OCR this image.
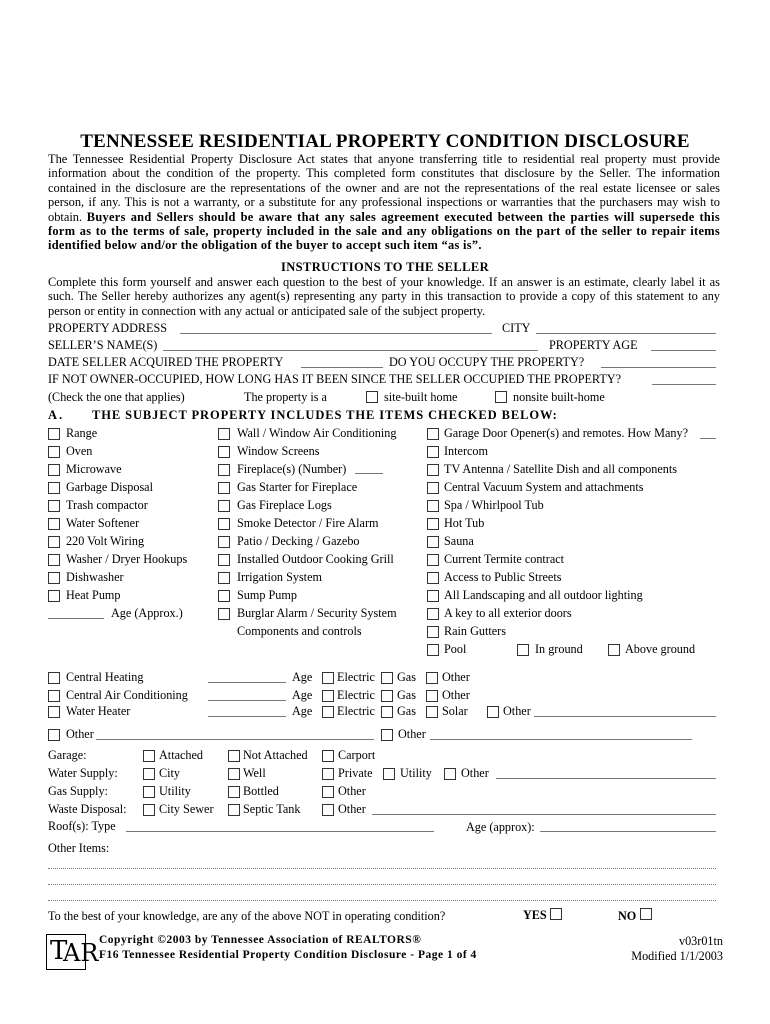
TENNESSEE RESIDENTIAL PROPERTY CONDITION DISCLOSURE
The Tennessee Residential Property Disclosure Act states that anyone transferring title to residential real property must provide information about the condition of the property. This completed form constitutes that disclosure by the Seller. The information contained in the disclosure are the representations of the owner and are not the representations of the real estate licensee or sales person, if any. This is not a warranty, or a substitute for any professional inspections or warranties that the purchasers may wish to obtain. Buyers and Sellers should be aware that any sales agreement executed between the parties will supersede this form as to the terms of sale, property included in the sale and any obligations on the part of the seller to repair items identified below and/or the obligation of the buyer to accept such item “as is”.
INSTRUCTIONS TO THE SELLER
Complete this form yourself and answer each question to the best of your knowledge. If an answer is an estimate, clearly label it as such. The Seller hereby authorizes any agent(s) representing any party in this transaction to provide a copy of this statement to any person or entity in connection with any actual or anticipated sale of the subject property.
PROPERTY ADDRESS	CITY
SELLER’S NAME(S)	PROPERTY AGE
DATE SELLER ACQUIRED THE PROPERTY	DO YOU OCCUPY THE PROPERTY?
IF NOT OWNER-OCCUPIED, HOW LONG HAS IT BEEN SINCE THE SELLER OCCUPIED THE PROPERTY?
(Check the one that applies)	The property is a	site-built home	nonsite built-home
A. THE SUBJECT PROPERTY INCLUDES THE ITEMS CHECKED BELOW:
Range
Oven
Microwave
Garbage Disposal
Trash compactor
Water Softener
220 Volt Wiring
Washer / Dryer Hookups
Dishwasher
Heat Pump
Age (Approx.)
Wall / Window Air Conditioning
Window Screens
Fireplace(s) (Number)
Gas Starter for Fireplace
Gas Fireplace Logs
Smoke Detector / Fire Alarm
Patio / Decking / Gazebo
Installed Outdoor Cooking Grill
Irrigation System
Sump Pump
Burglar Alarm / Security System
Components and controls
Garage Door Opener(s) and remotes. How Many?
Intercom
TV Antenna / Satellite Dish and all components
Central Vacuum System and attachments
Spa / Whirlpool Tub
Hot Tub
Sauna
Current Termite contract
Access to Public Streets
All Landscaping and all outdoor lighting
A key to all exterior doors
Rain Gutters
Pool	In ground	Above ground
Central Heating	Age Electric Gas Other
Central Air Conditioning	Age Electric Gas Other
Water Heater	Age Electric Gas Solar	Other
Other	Other
Garage:	Attached	Not Attached Carport
Water Supply:	City	Well	Private Utility Other
Gas Supply:	Utility	Bottled	Other
Waste Disposal:	City Sewer Septic Tank	Other
Roof(s): Type	Age (approx):
Other Items:
To the best of your knowledge, are any of the above NOT in operating condition?	YES	NO
T
AR Copyright ©2003 by Tennessee Association of REALTORS®
F16 Tennessee Residential Property Condition Disclosure - Page 1 of 4
v03r01tn
Modified 1/1/2003
